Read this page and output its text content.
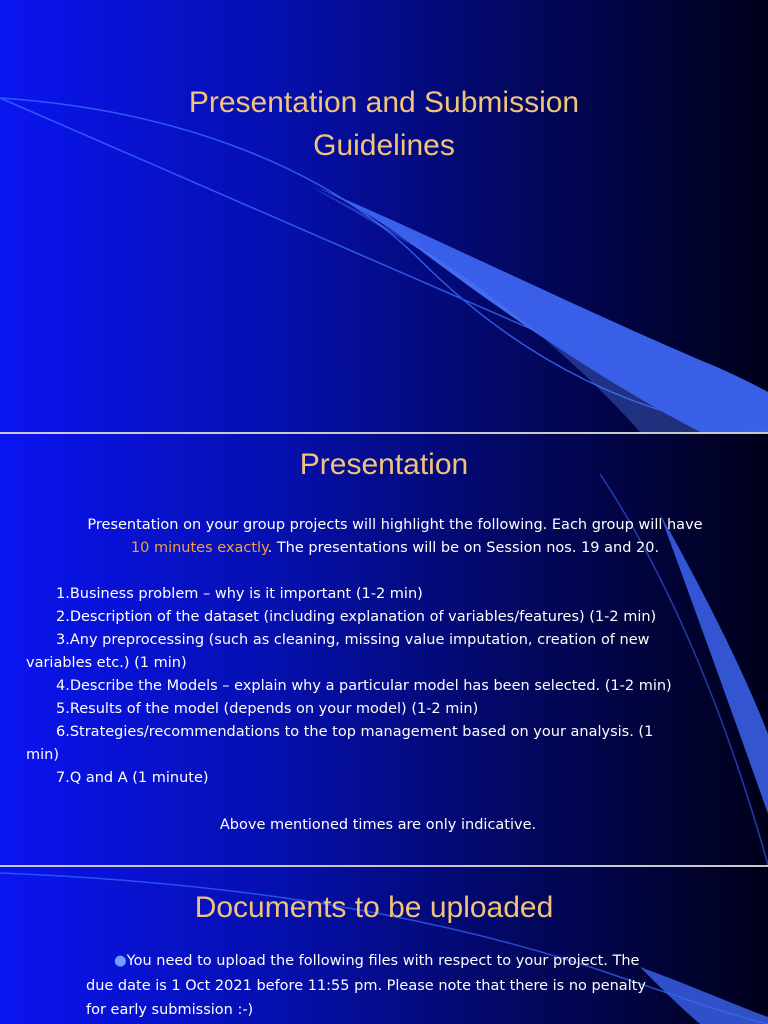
Presentation and Submission
Guidelines
Presentation
Presentation on your group projects will highlight the following. Each group will have
10 minutes exactly. The presentations will be on Session nos. 19 and 20.
1.Business problem – why is it important (1-2 min)
2.Description of the dataset (including explanation of variables/features) (1-2 min)
3.Any preprocessing (such as cleaning, missing value imputation, creation of new
variables etc.) (1 min)
4.Describe the Models – explain why a particular model has been selected. (1-2 min)
5.Results of the model (depends on your model) (1-2 min)
6.Strategies/recommendations to the top management based on your analysis. (1
min)
7.Q and A (1 minute)
Above mentioned times are only indicative.
Documents to be uploaded
●You need to upload the following files with respect to your project. The
due date is 1 Oct 2021 before 11:55 pm. Please note that there is no penalty
for early submission :-)
